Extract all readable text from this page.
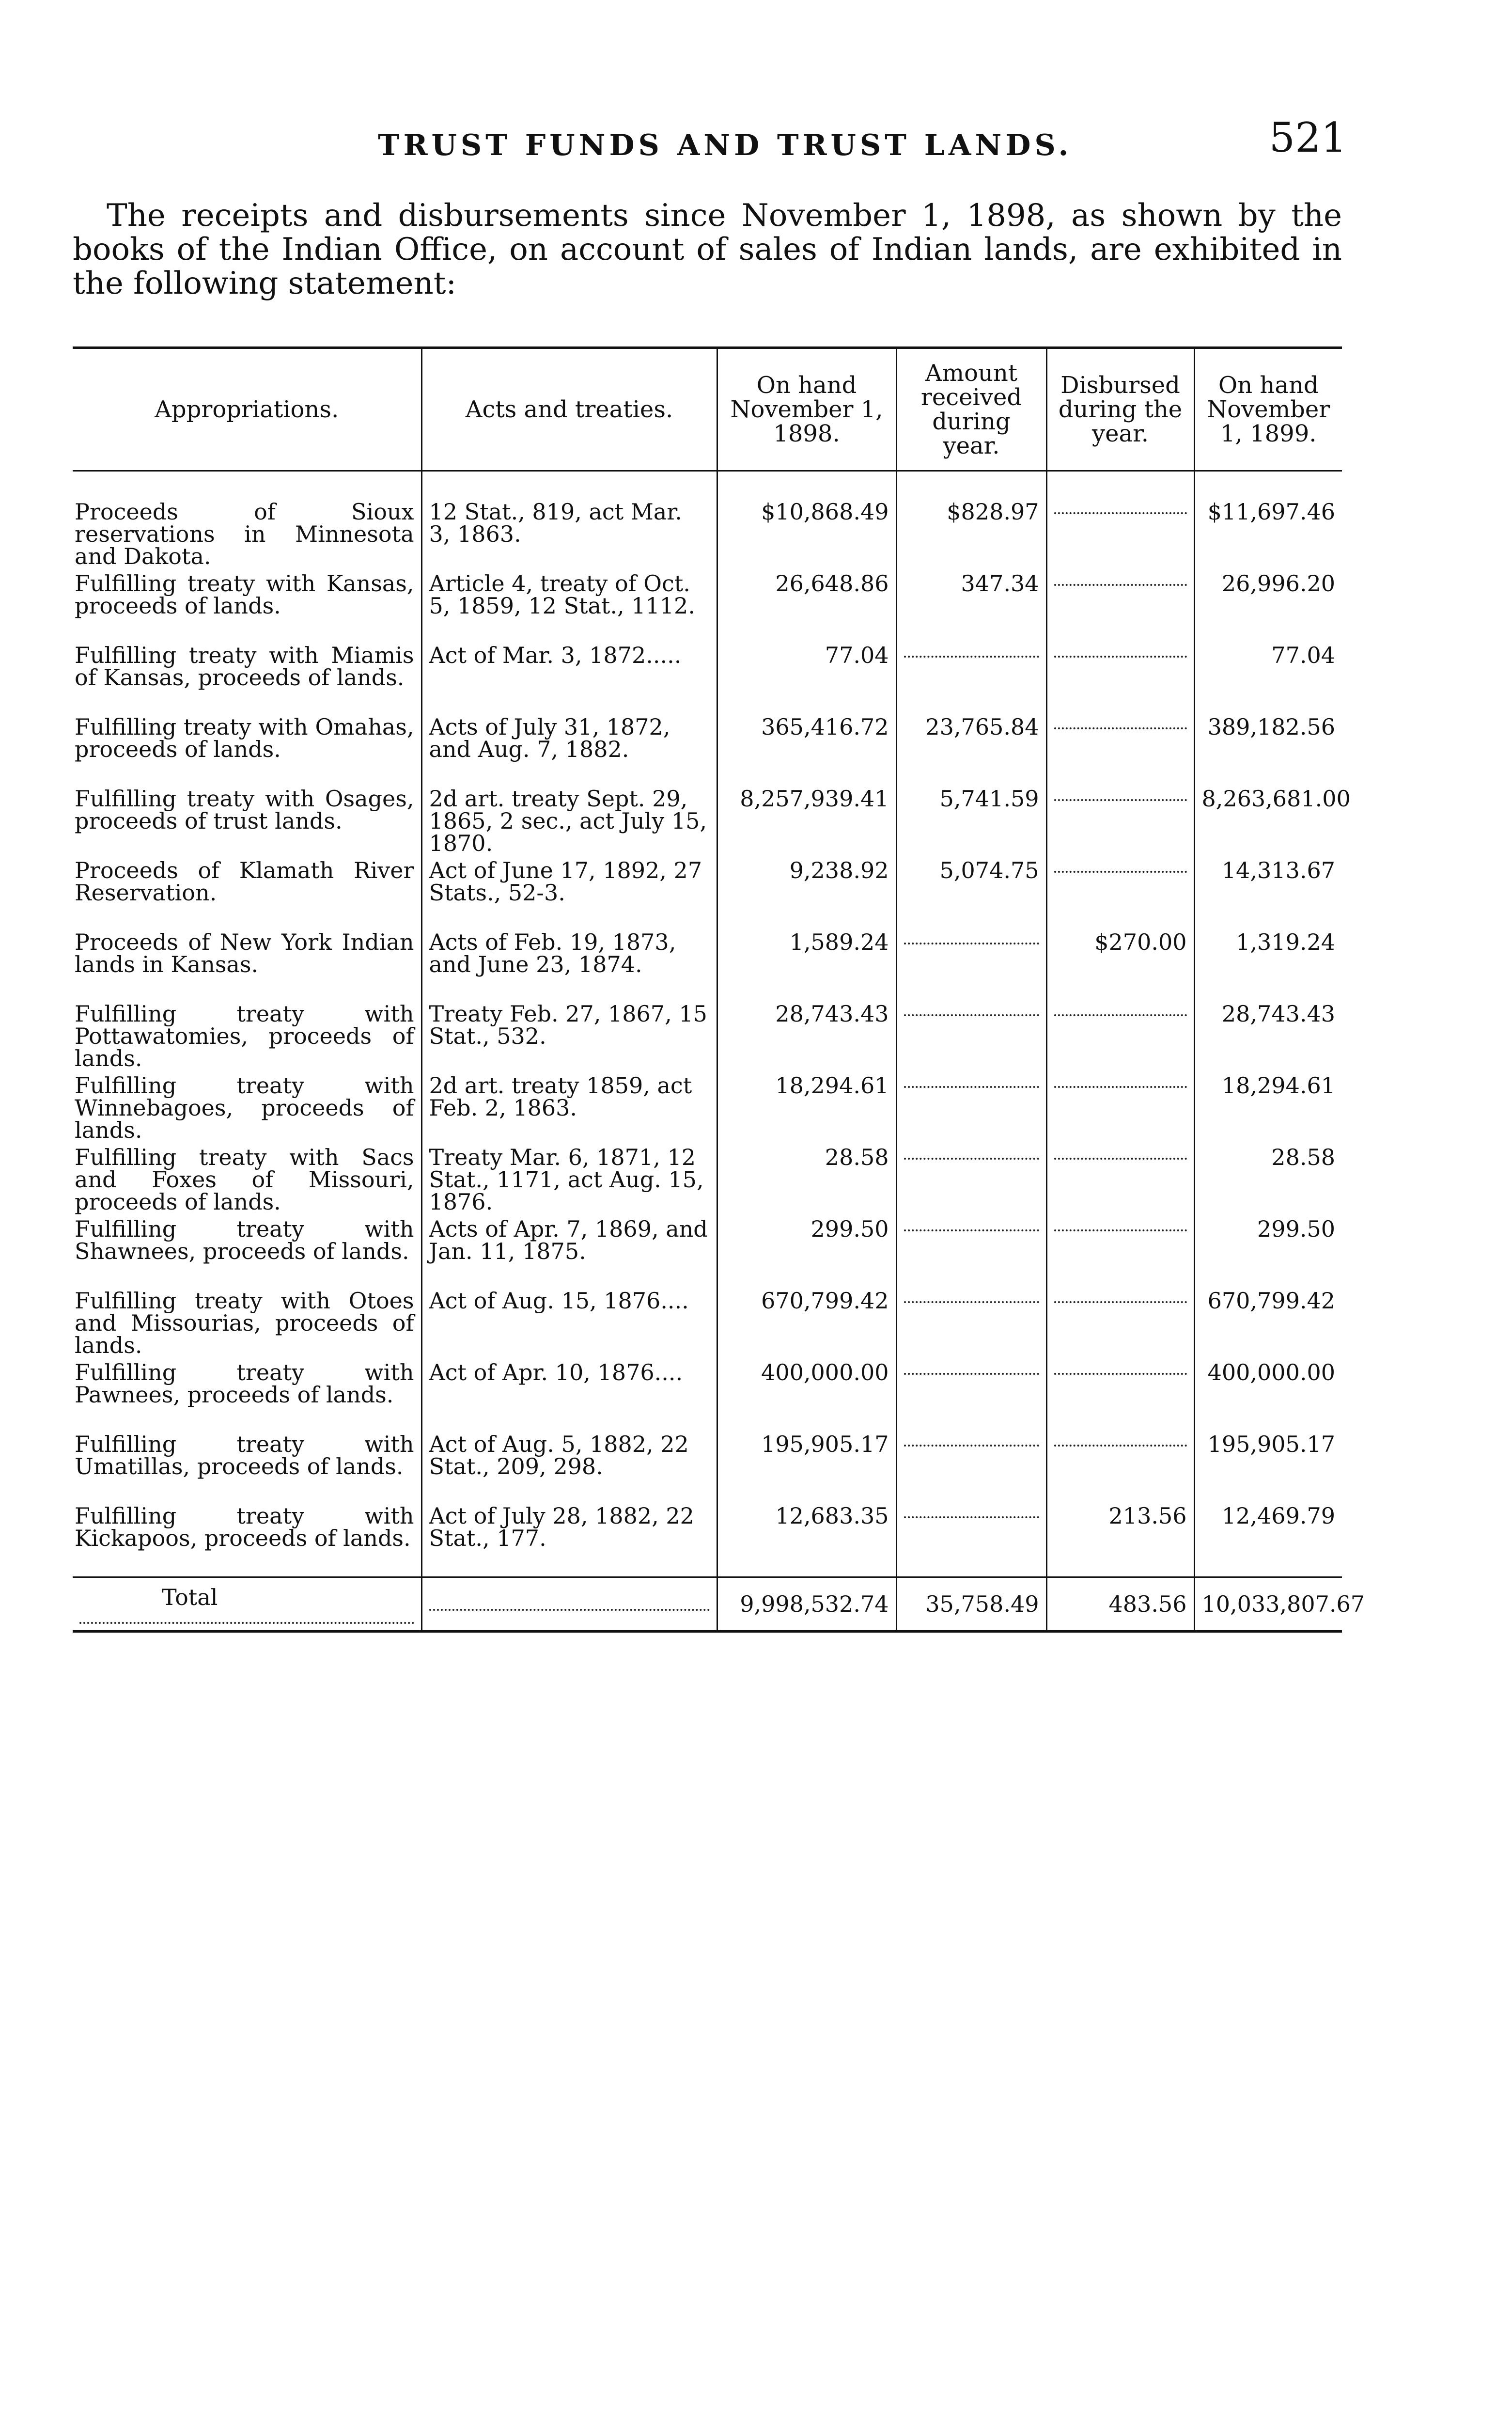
TRUST FUNDS AND TRUST LANDS.	521
The receipts and disbursements since November 1, 1898, as shown by the books of the Indian Office, on account of sales of Indian lands, are exhibited in the following statement:
Appropriations.	Acts and treaties.	On hand November 1, 1898.	Amount received during year.	Disbursed during the year.	On hand November 1, 1899.
Proceeds of Sioux reservations in Minnesota and Dakota.	12 Stat., 819, act Mar. 3, 1863.	$10,868.49	$828.97		$11,697.46
Fulfilling treaty with Kansas, proceeds of lands.	Article 4, treaty of Oct. 5, 1859, 12 Stat., 1112.	26,648.86	347.34		26,996.20
Fulfilling treaty with Miamis of Kansas, proceeds of lands.	Act of Mar. 3, 1872.....	77.04			77.04
Fulfilling treaty with Omahas, proceeds of lands.	Acts of July 31, 1872, and Aug. 7, 1882.	365,416.72	23,765.84		389,182.56
Fulfilling treaty with Osages, proceeds of trust lands.	2d art. treaty Sept. 29, 1865, 2 sec., act July 15, 1870.	8,257,939.41	5,741.59		8,263,681.00
Proceeds of Klamath River Reservation.	Act of June 17, 1892, 27 Stats., 52-3.	9,238.92	5,074.75		14,313.67
Proceeds of New York Indian lands in Kansas.	Acts of Feb. 19, 1873, and June 23, 1874.	1,589.24		$270.00	1,319.24
Fulfilling treaty with Pottawatomies, proceeds of lands.	Treaty Feb. 27, 1867, 15 Stat., 532.	28,743.43			28,743.43
Fulfilling treaty with Winnebagoes, proceeds of lands.	2d art. treaty 1859, act Feb. 2, 1863.	18,294.61			18,294.61
Fulfilling treaty with Sacs and Foxes of Missouri, proceeds of lands.	Treaty Mar. 6, 1871, 12 Stat., 1171, act Aug. 15, 1876.	28.58			28.58
Fulfilling treaty with Shawnees, proceeds of lands.	Acts of Apr. 7, 1869, and Jan. 11, 1875.	299.50			299.50
Fulfilling treaty with Otoes and Missourias, proceeds of lands.	Act of Aug. 15, 1876....	670,799.42			670,799.42
Fulfilling treaty with Pawnees, proceeds of lands.	Act of Apr. 10, 1876....	400,000.00			400,000.00
Fulfilling treaty with Umatillas, proceeds of lands.	Act of Aug. 5, 1882, 22 Stat., 209, 298.	195,905.17			195,905.17
Fulfilling treaty with Kickapoos, proceeds of lands.	Act of July 28, 1882, 22 Stat., 177.	12,683.35		213.56	12,469.79
Total		9,998,532.74	35,758.49	483.56	10,033,807.67
